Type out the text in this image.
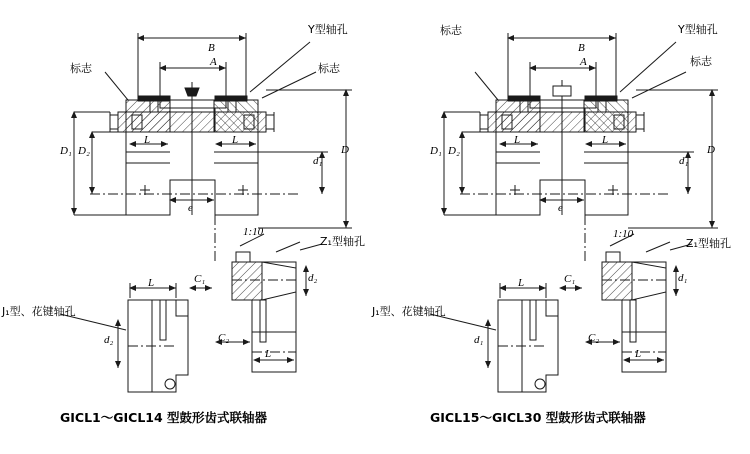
标志	标志
Y型轴孔
Z₁型轴孔
J₁型、花键轴孔
1:10
B
A
D
D₁ D₂
d₁
L	L
e
L	C₁
C₂
L
d₂
d₂
标志
标志
Y型轴孔
Z₁型轴孔
J₁型、花键轴孔
1:10
B
A
D
D₁ D₂
d₁
L	L
e
L	C₁
C₂
L
d₁
d₁
GⅠCL1～GⅠCL14 型鼓形齿式联轴器	GⅠCL15～GⅠCL30 型鼓形齿式联轴器
